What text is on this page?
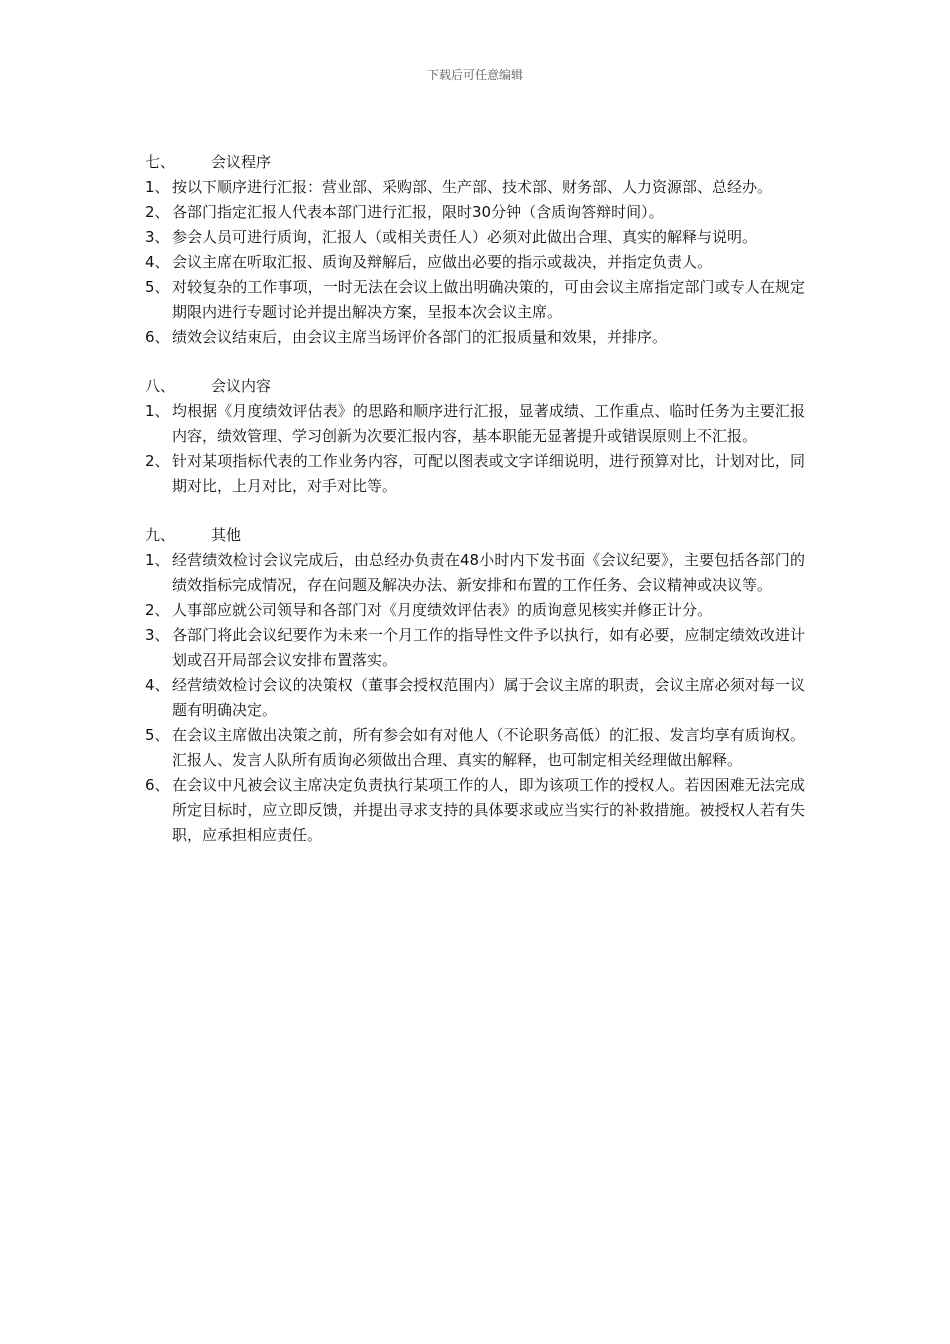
下载后可任意编辑
七、	会议程序
1、 按以下顺序进行汇报：营业部、采购部、生产部、技术部、财务部、人力资源部、总经办。
2、 各部门指定汇报人代表本部门进行汇报，限时30分钟（含质询答辩时间）。
3、 参会人员可进行质询，汇报人（或相关责任人）必须对此做出合理、真实的解释与说明。
4、 会议主席在听取汇报、质询及辩解后，应做出必要的指示或裁决，并指定负责人。
5、 对较复杂的工作事项，一时无法在会议上做出明确决策的，可由会议主席指定部门或专人在规定期限内进行专题讨论并提出解决方案，呈报本次会议主席。
6、 绩效会议结束后，由会议主席当场评价各部门的汇报质量和效果，并排序。
八、	会议内容
1、 均根据《月度绩效评估表》的思路和顺序进行汇报，显著成绩、工作重点、临时任务为主要汇报内容，绩效管理、学习创新为次要汇报内容，基本职能无显著提升或错误原则上不汇报。
2、 针对某项指标代表的工作业务内容，可配以图表或文字详细说明，进行预算对比，计划对比，同期对比，上月对比，对手对比等。
九、	其他
1、 经营绩效检讨会议完成后，由总经办负责在48小时内下发书面《会议纪要》，主要包括各部门的绩效指标完成情况，存在问题及解决办法、新安排和布置的工作任务、会议精神或决议等。
2、 人事部应就公司领导和各部门对《月度绩效评估表》的质询意见核实并修正计分。
3、 各部门将此会议纪要作为未来一个月工作的指导性文件予以执行，如有必要，应制定绩效改进计划或召开局部会议安排布置落实。
4、 经营绩效检讨会议的决策权（董事会授权范围内）属于会议主席的职责，会议主席必须对每一议题有明确决定。
5、 在会议主席做出决策之前，所有参会如有对他人（不论职务高低）的汇报、发言均享有质询权。汇报人、发言人队所有质询必须做出合理、真实的解释，也可制定相关经理做出解释。
6、 在会议中凡被会议主席决定负责执行某项工作的人，即为该项工作的授权人。若因困难无法完成所定目标时，应立即反馈，并提出寻求支持的具体要求或应当实行的补救措施。被授权人若有失职，应承担相应责任。
